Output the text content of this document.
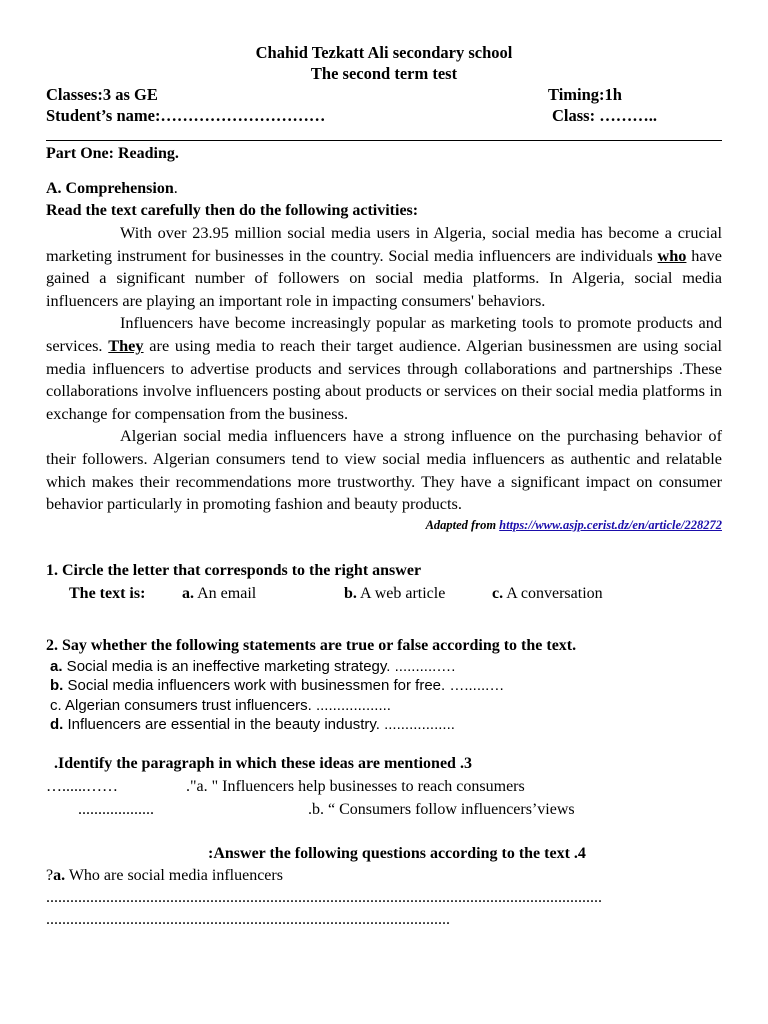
Chahid Tezkatt Ali secondary school
The second term test
Classes:3 as GE	Timing:1h
Student’s name:…………………………	Class: ………..
Part One: Reading.
A. Comprehension.
Read the text carefully then do the following activities:

With over 23.95 million social media users in Algeria, social media has become a crucial marketing instrument for businesses in the country. Social media influencers are individuals who have gained a significant number of followers on social media platforms. In Algeria, social media influencers are playing an important role in impacting consumers' behaviors.

Influencers have become increasingly popular as marketing tools to promote products and services. They are using media to reach their target audience. Algerian businessmen are using social media influencers to advertise products and services through collaborations and partnerships .These collaborations involve influencers posting about products or services on their social media platforms in exchange for compensation from the business.

Algerian social media influencers have a strong influence on the purchasing behavior of their followers. Algerian consumers tend to view social media influencers as authentic and relatable which makes their recommendations more trustworthy. They have a significant impact on consumer behavior particularly in promoting fashion and beauty products.

Adapted from https://www.asjp.cerist.dz/en/article/228272
1. Circle the letter that corresponds to the right answer
The text is:	a. An email	b. A web article	c. A conversation
2. Say whether the following statements are true or false according to the text.
a. Social media is an ineffective marketing strategy. ..........….
b. Social media influencers work with businessmen for free. …......…
c. Algerian consumers trust influencers. ..................
d. Influencers are essential in the beauty industry. .................
.Identify the paragraph in which these ideas are mentioned .3
…......……	."a. " Influencers help businesses to reach consumers
...................	.b. “ Consumers follow influencers’views
:Answer the following questions according to the text .4
?a. Who are social media influencers
...........................................................................................................................................
.....................................................................................................
